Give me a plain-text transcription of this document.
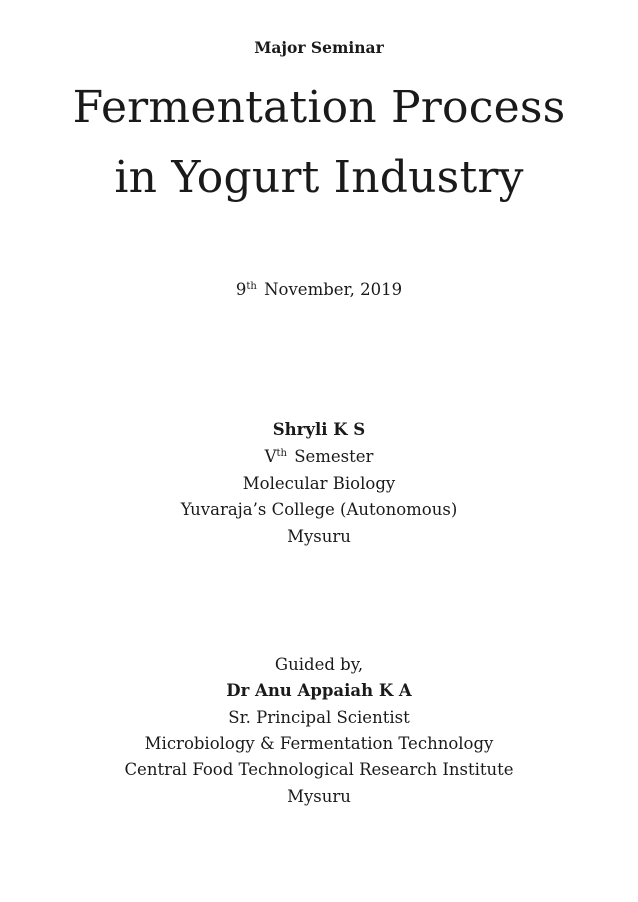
Major Seminar
Fermentation Process
in Yogurt Industry
9th November, 2019
Shryli K S
Vth Semester
Molecular Biology
Yuvaraja’s College (Autonomous)
Mysuru
Guided by,
Dr Anu Appaiah K A
Sr. Principal Scientist
Microbiology & Fermentation Technology
Central Food Technological Research Institute
Mysuru
